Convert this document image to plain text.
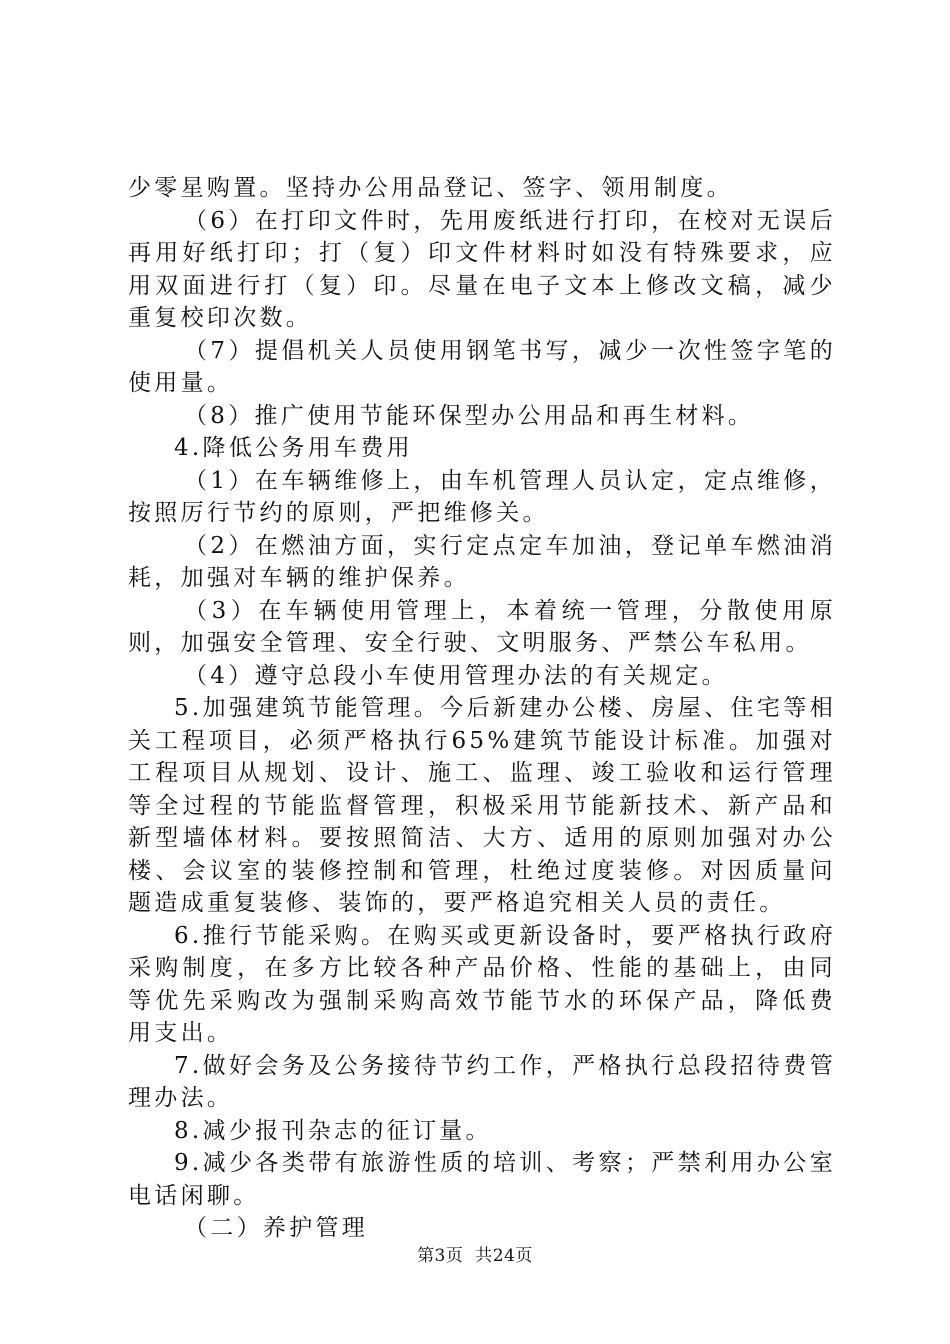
少零星购置。坚持办公用品登记、签字、领用制度。

（6）在打印文件时，先用废纸进行打印，在校对无误后再用好纸打印；打（复）印文件材料时如没有特殊要求，应用双面进行打（复）印。尽量在电子文本上修改文稿，减少重复校印次数。

（7）提倡机关人员使用钢笔书写，减少一次性签字笔的使用量。

（8）推广使用节能环保型办公用品和再生材料。

4.降低公务用车费用

（1）在车辆维修上，由车机管理人员认定，定点维修，按照厉行节约的原则，严把维修关。

（2）在燃油方面，实行定点定车加油，登记单车燃油消耗，加强对车辆的维护保养。

（3）在车辆使用管理上，本着统一管理，分散使用原则，加强安全管理、安全行驶、文明服务、严禁公车私用。

（4）遵守总段小车使用管理办法的有关规定。

5.加强建筑节能管理。今后新建办公楼、房屋、住宅等相关工程项目，必须严格执行65%建筑节能设计标准。加强对工程项目从规划、设计、施工、监理、竣工验收和运行管理等全过程的节能监督管理，积极采用节能新技术、新产品和新型墙体材料。要按照简洁、大方、适用的原则加强对办公楼、会议室的装修控制和管理，杜绝过度装修。对因质量问题造成重复装修、装饰的，要严格追究相关人员的责任。

6.推行节能采购。在购买或更新设备时，要严格执行政府采购制度，在多方比较各种产品价格、性能的基础上，由同等优先采购改为强制采购高效节能节水的环保产品，降低费用支出。

7.做好会务及公务接待节约工作，严格执行总段招待费管理办法。

8.减少报刊杂志的征订量。

9.减少各类带有旅游性质的培训、考察；严禁利用办公室电话闲聊。

（二）养护管理

第3页 共24页
